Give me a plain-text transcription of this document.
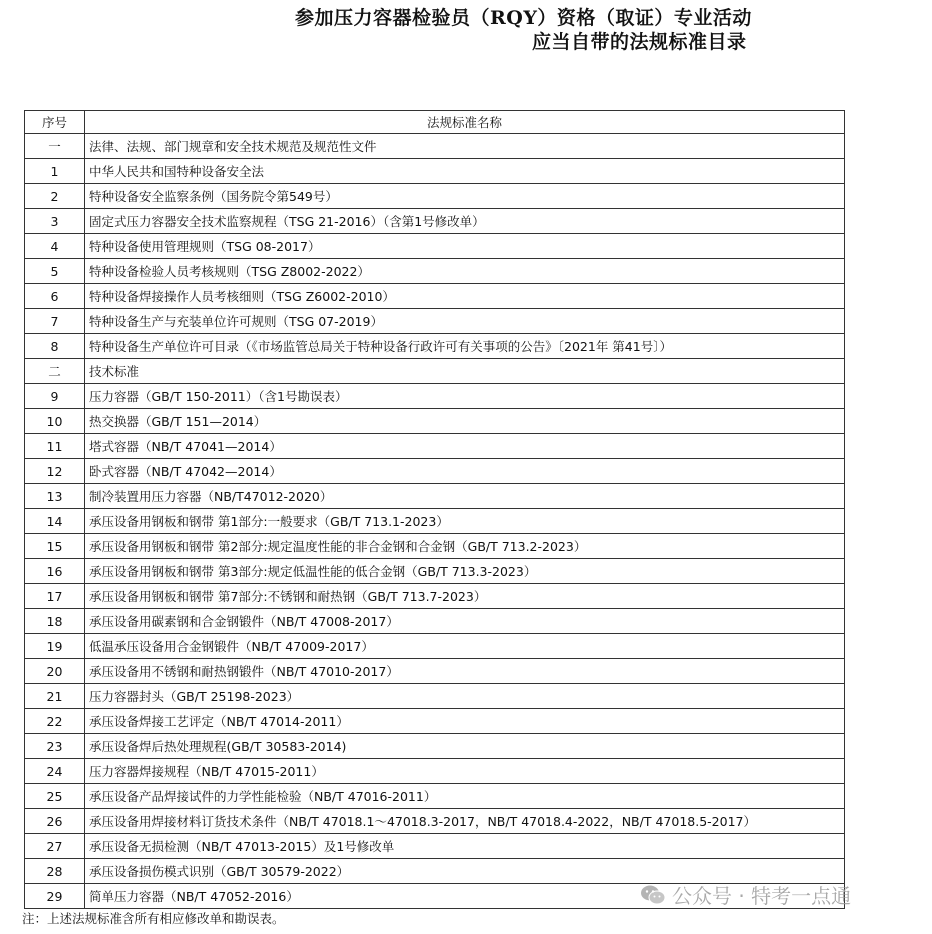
参加压力容器检验员（RQY）资格（取证）专业活动
应当自带的法规标准目录
序号	法规标准名称
一	法律、法规、部门规章和安全技术规范及规范性文件
1	中华人民共和国特种设备安全法
2	特种设备安全监察条例（国务院令第549号）
3	固定式压力容器安全技术监察规程（TSG 21-2016）（含第1号修改单）
4	特种设备使用管理规则（TSG 08-2017）
5	特种设备检验人员考核规则（TSG Z8002-2022）
6	特种设备焊接操作人员考核细则（TSG Z6002-2010）
7	特种设备生产与充装单位许可规则（TSG 07-2019）
8	特种设备生产单位许可目录（《市场监管总局关于特种设备行政许可有关事项的公告》〔2021年 第41号〕）
二	技术标准
9	压力容器（GB/T 150-2011）（含1号勘误表）
10	热交换器（GB/T 151—2014）
11	塔式容器（NB/T 47041—2014）
12	卧式容器（NB/T 47042—2014）
13	制冷装置用压力容器（NB/T47012-2020）
14	承压设备用钢板和钢带 第1部分:一般要求（GB/T 713.1-2023）
15	承压设备用钢板和钢带 第2部分:规定温度性能的非合金钢和合金钢（GB/T 713.2-2023）
16	承压设备用钢板和钢带 第3部分:规定低温性能的低合金钢（GB/T 713.3-2023）
17	承压设备用钢板和钢带 第7部分:不锈钢和耐热钢（GB/T 713.7-2023）
18	承压设备用碳素钢和合金钢锻件（NB/T 47008-2017）
19	低温承压设备用合金钢锻件（NB/T 47009-2017）
20	承压设备用不锈钢和耐热钢锻件（NB/T 47010-2017）
21	压力容器封头（GB/T 25198-2023）
22	承压设备焊接工艺评定（NB/T 47014-2011）
23	承压设备焊后热处理规程(GB/T 30583-2014)
24	压力容器焊接规程（NB/T 47015-2011）
25	承压设备产品焊接试件的力学性能检验（NB/T 47016-2011）
26	承压设备用焊接材料订货技术条件（NB/T 47018.1～47018.3-2017，NB/T 47018.4-2022，NB/T 47018.5-2017）
27	承压设备无损检测（NB/T 47013-2015）及1号修改单
28	承压设备损伤模式识别（GB/T 30579-2022）
29	简单压力容器（NB/T 47052-2016）
注：上述法规标准含所有相应修改单和勘误表。
公众号 · 特考一点通
